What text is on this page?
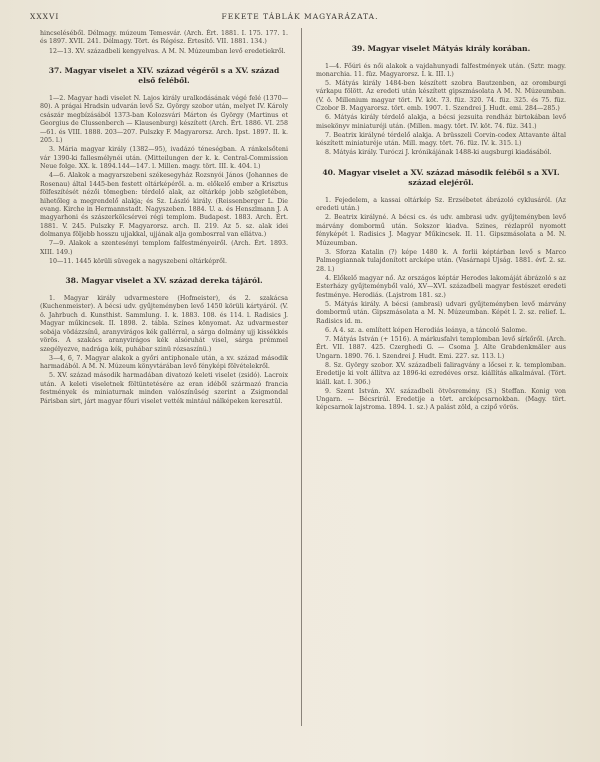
XXXVI	FEKETE TÁBLÁK MAGYARÁZATA.

hincseléséből. Délmagy. múzeum Temesvár. (Arch. Ért. 1881. I. 175. 177. 1. és 1897. XVII. 241. Délmagy. Tört. és Régész. Értesítő. VII. 1881. 134.)

12—13. XV. századbeli kengyelvas. A M. N. Múzeumban levő eredetiekről.

37. Magyar viselet a XIV. század végéről s a XV. század első feléből.

1—2. Magyar hadi viselet N. Lajos király uralkodásának végé felé (1370—80). A prágai Hradsin udvarán levő Sz. György szobor után, melyet IV. Károly császár megbízásából 1373-ban Kolozsvári Márton és György (Martinus et Georgius de Clussenberch — Klausenburg) készített (Arch. Ért. 1886. VI. 258—61. és VIII. 1888. 203—207. Pulszky F. Magyarorsz. Arch. Ipst. 1897. II. k. 205. l.)

3. Mária magyar király (1382—95), ivadázó téneségban. A ránkelsőteni vár 1390-ki fallesmélynéi után. (Mitteilungen der k. k. Central-Commission Neue folge. XX. k. 1894.144—147. l. Millen. magy. tört. III. k. 404. l.)

4—6. Alakok a magyarszebeni székesegyház Rozsnyói János (Johannes de Rosenau) által 1445-ben festett oltárképéről. a. m. előkelő ember a Krisztus fölfeszítését nézői tömegben: térdelő alak, az oltárkép jobb szögletében, hihetőleg a megrendelő alakja; és Sz. László király. (Reissenberger L. Die evang. Kirche in Hermannstadt. Nagyszeben. 1884. U. a. és Henszlmann J. A magyarhoni és szászerkölcsérvei régi templom. Budapest. 1883. Arch. Ért. 1881. V. 245. Pulszky F. Magyarorsz. arch. II. 219. Az 5. sz. alak idei dolmanya följebb hosszu ujjakkal, ujjának alja gombosrral van ellátva.)

7—9. Alakok a szentesényi templom falfestményeiről. (Arch. Ért. 1893. XIII. 149.)

10—11. 1445 körüli süvegek a nagyszebeni oltárképről.

38. Magyar viselet a XV. század dereka tájáról.

1. Magyar király udvarmestere (Hofmeister), és 2. szakácsa (Kuchenmeister). A bécsi udv. gyűjteményben levő 1450 körüli kártyáról. (V. ö. Jahrbuch d. Kunsthist. Sammlung. I. k. 1883. 108. és 114. l. Radisics J. Magyar műkincsek. II. 1898. 2. tábla. Színes könyomat. Az udvarmester sobája vödázzsínű, aranyvirágos kék gallérral, a sárga dolmány ujj kissékkés vörös. A szakács aranyvirágos kék alsóruhát visel, sárga prémmel szegélyezve, nadrága kék, puhábar szinü rózsaszínü.)

3—4, 6, 7. Magyar alakok a győri antiphonale után, a xv. század második harmadából. A M. N. Múzeum könyvtárában levő fényképi fölvételekről.

5. XV. század második harmadában divatozó keleti viselet (zsidó). Lacroix után. A keleti viseletnek föltüntetésére az eran idéből származó francia festmények és miniaturnak minden valószínűség szerint a Zsigmondal Párisban sirt, járt magyar főuri viselet vették mintául nálképeken keresztül.

39. Magyar viselet Mátyás király korában.

1—4. Főúri és női alakok a vajdahunyadi falfestmények után. (Sztr. magy. monarchia. 11. füz. Magyarorsz. I. k. III. l.)

5. Mátyás király 1484-ben készített szobra Bautzenben, az oromburgi várkapu fölött. Az eredeti után készített gipszmásolata A M. N. Múzeumban. (V. ö. Millenium magyar tört. IV. köt. 73. füz. 320. 74. füz. 325. és 75. füz. Czobor B. Magyarorsz. tört. emb. 1907. 1. Szendrei J. Hudt. emi. 284—285.)

6. Mátyás király térdelő alakja, a bécsi jezsuita rendház birtokában levő misekönyv miniaturéji után. (Millen. magy. tört. IV. köt. 74. füz. 341.)

7. Beatrix királyné térdelő alakja. A brüsszeli Corvin-codex Attavante által készített miniaturéje után. Mill. magy. tört. 76. füz. IV. k. 315. l.)

8. Mátyás király. Turóczi J. krónikájának 1488-ki augsburgi kiadásából.

40. Magyar viselet a XV. század második feléből s a XVI. század elejéről.

1. Fejedelem, a kassai oltárkép Sz. Erzsébetet ábrázoló cyklusáról. (Az eredeti után.)

2. Beatrix királyné. A bécsi cs. és udv. ambrasi udv. gyűjteményben levő márvány dombormű után. Sokszor kiadva. Szines, rézlapról nyomott fényképét l. Radisics J. Magyar Műkincsek. II. 11. Gipszmásolata a M. N. Múzeumban.

3. Sforza Katalin (?) képe 1480 k. A forlii képtárban levő s Marco Palmeggiannak tulajdonított arcképe után. (Vasárnapi Ujság. 1881. évf. 2. sz. 28. l.)

4. Előkelő magyar nő. Az országos képtár Herodes lakomáját ábrázoló s az Esterházy gyűjteményből való, XV—XVI. századbeli magyar festészet eredeti festménye. Herodiás. (Lajstrom 181. sz.)

5. Mátyás király. A bécsi (ambrasi) udvari gyűjteményben levő márvány dombormű után. Gipszmásolata a M. N. Múzeumban. Képét l. 2. sz. relief. L. Radisics id. m.

6. A 4. sz. a. említett képen Herodiás leánya, a táncoló Salome.

7. Mátyás István (+ 1516). A márkusfalvi templomban levő sírkőről. (Arch. Ért. VII. 1887. 425. Czerghedi G. — Csoma J. Alte Grabdenkmäler aus Ungarn. 1890. 76. l. Szendrei J. Hudt. Emi. 227. sz. 113. l.)

8. Sz. György szobor. XV. századbeli faliragvány a lőcsei r. k. templomban. Eredetije ki volt állítva az 1896-ki ezredéves orsz. kiállítás alkalmával. (Tört. kiáll. kat. I. 306.)

9. Szent István. XV. századbeli ötvösremény. (S.) Steffan. Konig von Ungarn. — Bécsrirál. Eredetije a tört. arcképcsarnokban. (Magy. tört. képcsarnok lajstroma. 1894. 1. sz.) A palást zöld, a czipő vörös.
